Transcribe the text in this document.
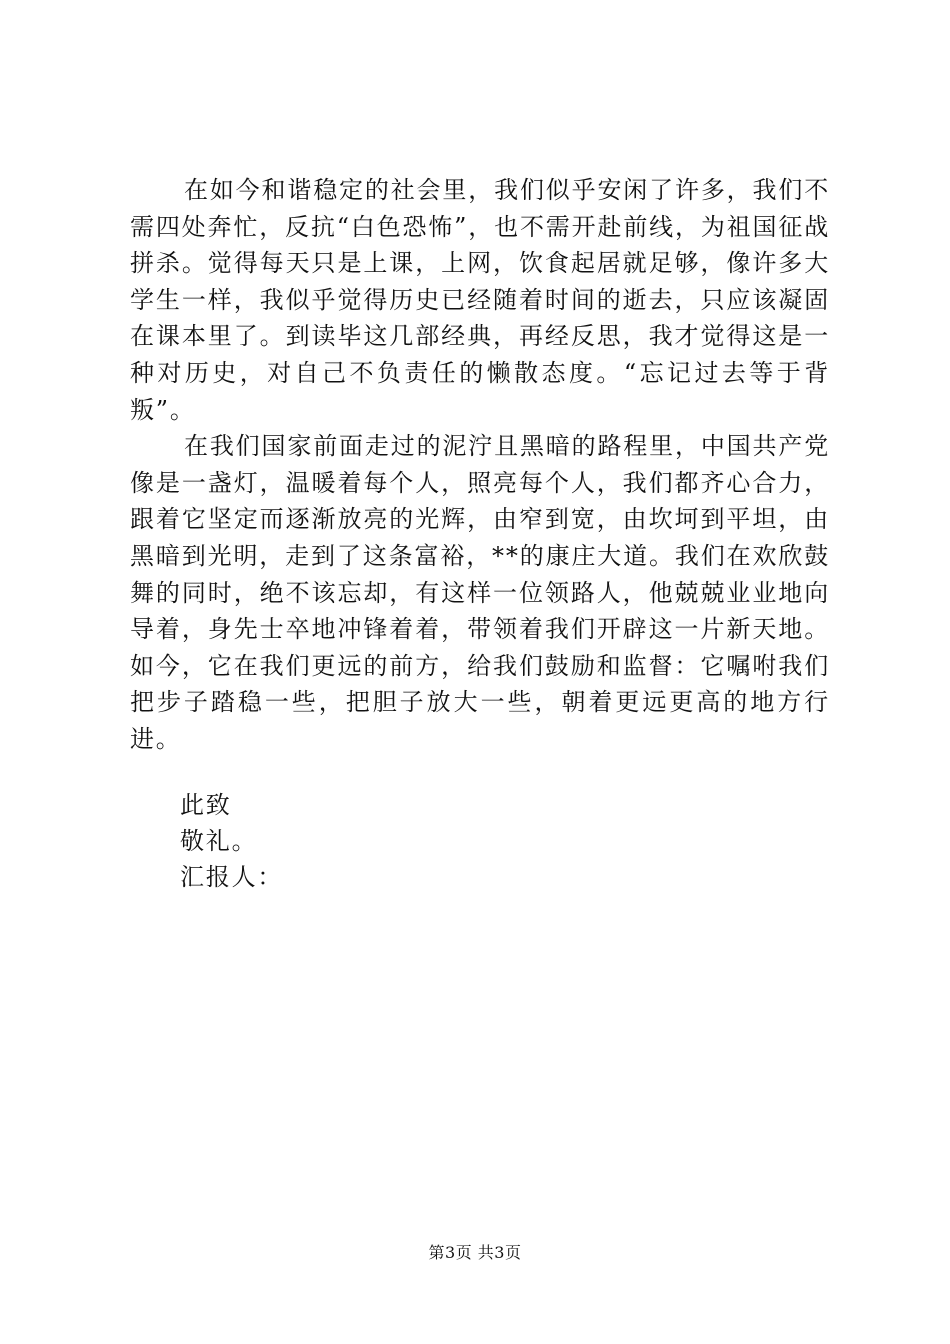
在如今和谐稳定的社会里，我们似乎安闲了许多，我们不需四处奔忙，反抗“白色恐怖”，也不需开赴前线，为祖国征战拼杀。觉得每天只是上课，上网，饮食起居就足够，像许多大学生一样，我似乎觉得历史已经随着时间的逝去，只应该凝固在课本里了。到读毕这几部经典，再经反思，我才觉得这是一种对历史，对自己不负责任的懒散态度。“忘记过去等于背叛”。

在我们国家前面走过的泥泞且黑暗的路程里，中国共产党像是一盏灯，温暖着每个人，照亮每个人，我们都齐心合力，跟着它坚定而逐渐放亮的光辉，由窄到宽，由坎坷到平坦，由黑暗到光明，走到了这条富裕，**的康庄大道。我们在欢欣鼓舞的同时，绝不该忘却，有这样一位领路人，他兢兢业业地向导着，身先士卒地冲锋着着，带领着我们开辟这一片新天地。如今，它在我们更远的前方，给我们鼓励和监督：它嘱咐我们把步子踏稳一些，把胆子放大一些，朝着更远更高的地方行进。

此致

敬礼。

汇报人：

第3页 共3页
